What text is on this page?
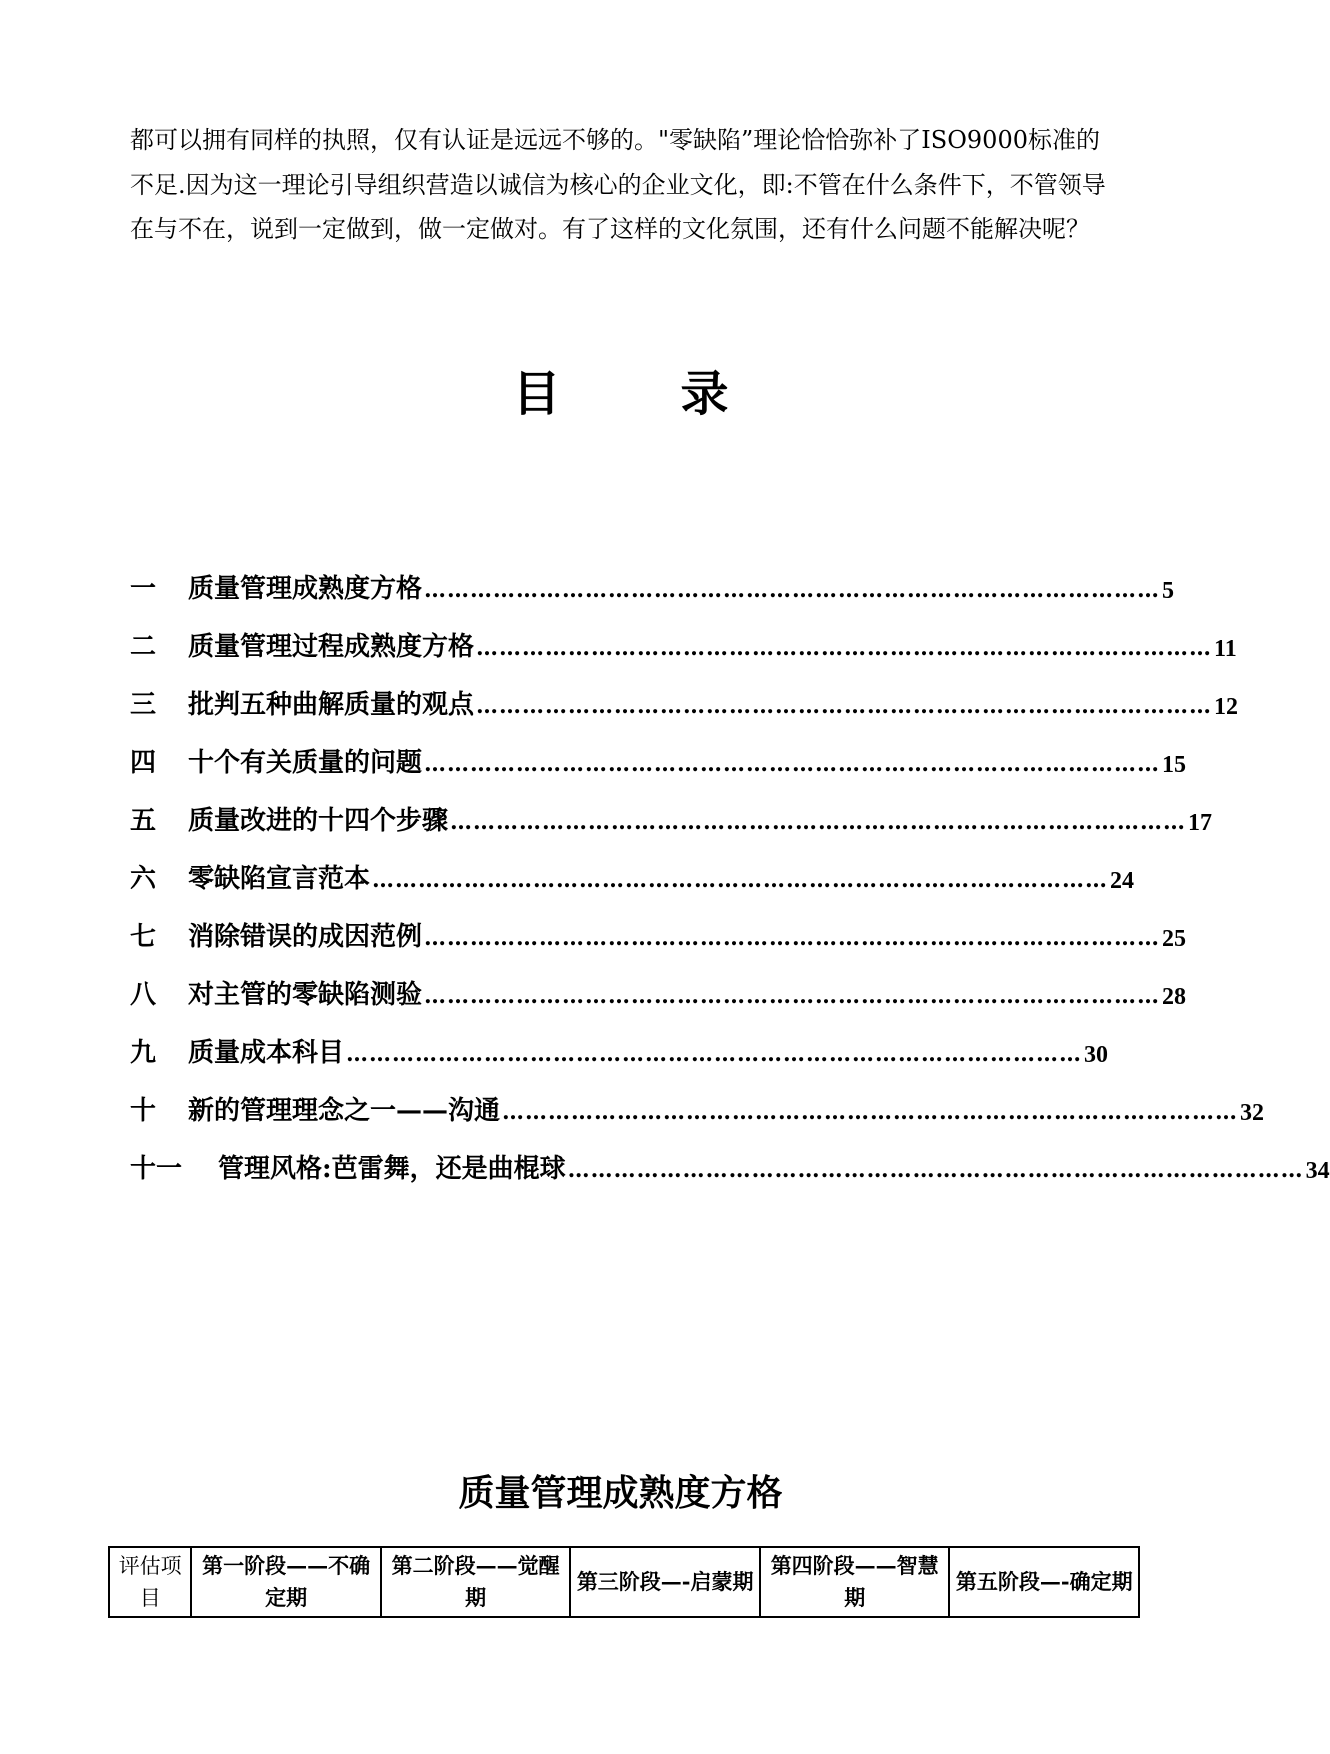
都可以拥有同样的执照，仅有认证是远远不够的。"零缺陷”理论恰恰弥补了ISO9000标准的不足.因为这一理论引导组织营造以诚信为核心的企业文化，即:不管在什么条件下，不管领导在与不在，说到一定做到，做一定做对。有了这样的文化氛围，还有什么问题不能解决呢？

目	录
一	质量管理成熟度方格 …………………………………………………………………………………… 5
二	质量管理过程成熟度方格 …………………………………………………………………………………… 11
三	批判五种曲解质量的观点 …………………………………………………………………………………… 12
四	十个有关质量的问题 …………………………………………………………………………………… 15
五	质量改进的十四个步骤 …………………………………………………………………………………… 17
六	零缺陷宣言范本 …………………………………………………………………………………… 24
七	消除错误的成因范例 …………………………………………………………………………………… 25
八	对主管的零缺陷测验 …………………………………………………………………………………… 28
九	质量成本科目 …………………………………………………………………………………… 30
十	新的管理理念之一——沟通 …………………………………………………………………………………… 32
十一	管理风格:芭雷舞，还是曲棍球 …………………………………………………………………………………… 34
质量管理成熟度方格
评估项目	第一阶段——不确定期	第二阶段——觉醒期	第三阶段—-启蒙期	第四阶段——智慧期	第五阶段—-确定期
